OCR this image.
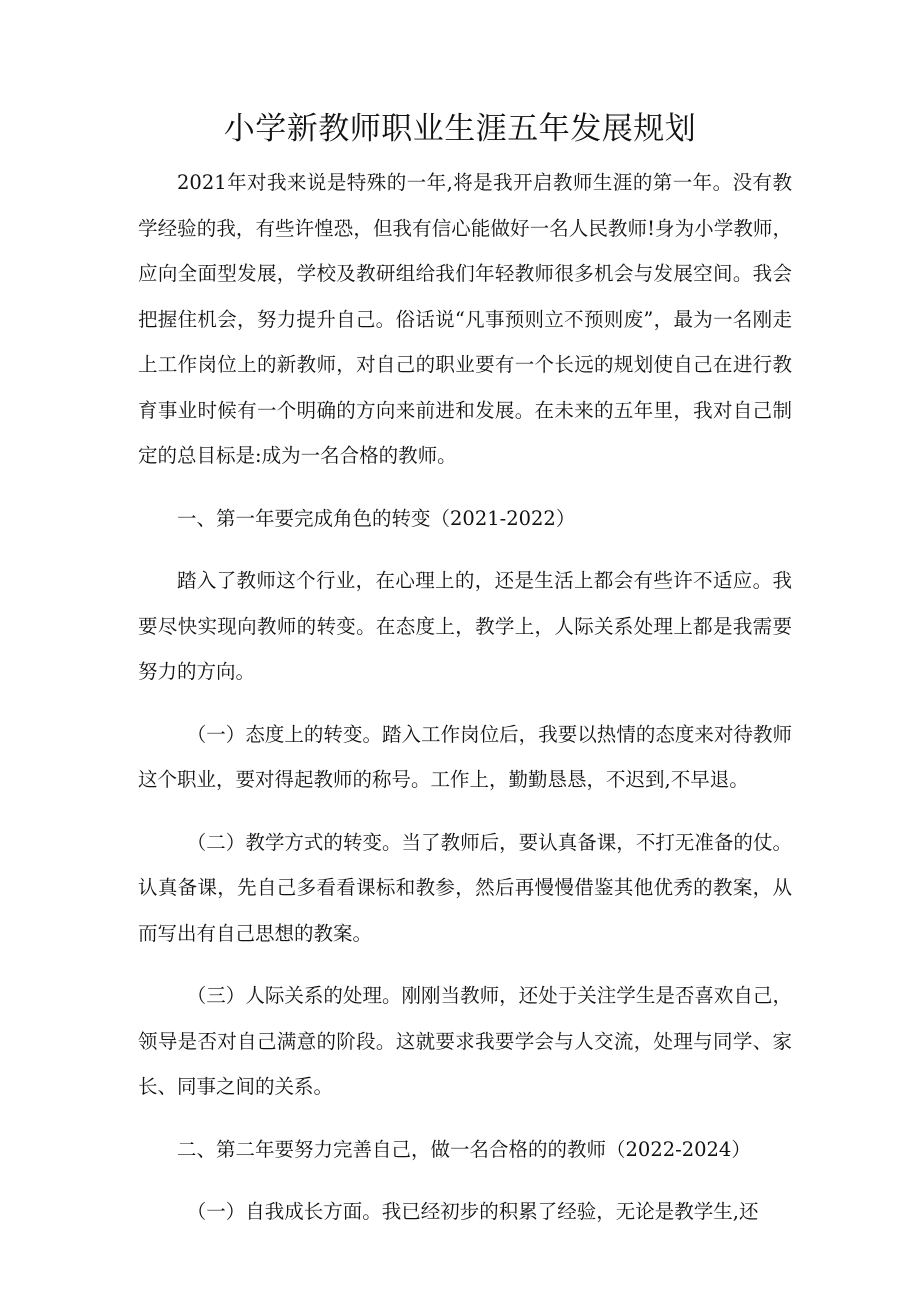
小学新教师职业生涯五年发展规划

2021年对我来说是特殊的一年,将是我开启教师生涯的第一年。没有教学经验的我，有些许惶恐，但我有信心能做好一名人民教师!身为小学教师，应向全面型发展，学校及教研组给我们年轻教师很多机会与发展空间。我会把握住机会，努力提升自己。俗话说“凡事预则立不预则废”，最为一名刚走上工作岗位上的新教师，对自己的职业要有一个长远的规划使自己在进行教育事业时候有一个明确的方向来前进和发展。在未来的五年里，我对自己制定的总目标是:成为一名合格的教师。

一、第一年要完成角色的转变（2021-2022）

踏入了教师这个行业，在心理上的，还是生活上都会有些许不适应。我要尽快实现向教师的转变。在态度上，教学上，人际关系处理上都是我需要努力的方向。

（一）态度上的转变。踏入工作岗位后，我要以热情的态度来对待教师这个职业，要对得起教师的称号。工作上，勤勤恳恳，不迟到,不早退。

（二）教学方式的转变。当了教师后，要认真备课，不打无准备的仗。认真备课，先自己多看看课标和教参，然后再慢慢借鉴其他优秀的教案，从而写出有自己思想的教案。

（三）人际关系的处理。刚刚当教师，还处于关注学生是否喜欢自己，领导是否对自己满意的阶段。这就要求我要学会与人交流，处理与同学、家长、同事之间的关系。

二、第二年要努力完善自己，做一名合格的的教师（2022-2024）

（一）自我成长方面。我已经初步的积累了经验，无论是教学生,还
